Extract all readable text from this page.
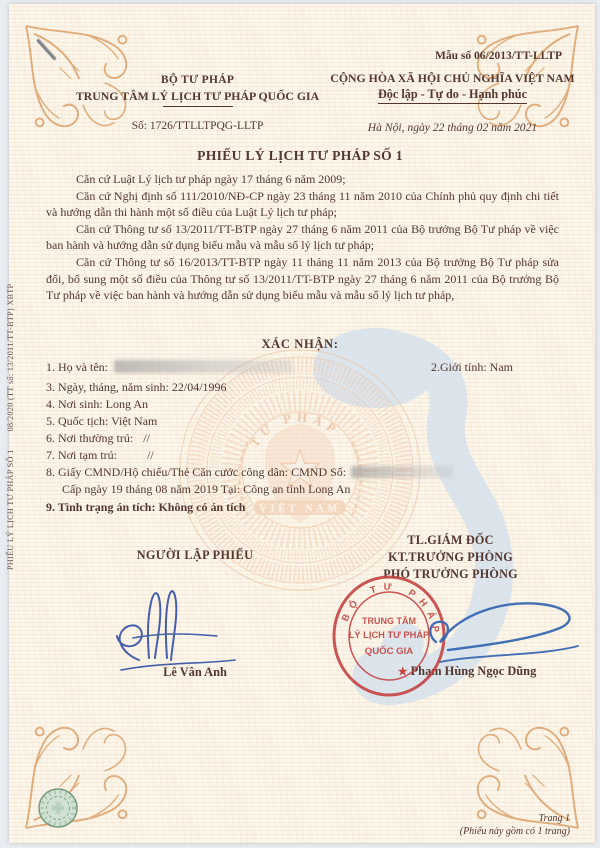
TƯ PHÁP
VIỆT NAM
PHIẾU LÝ LỊCH TƯ PHÁP SỐ 108/2020 (TT số: 13/2011/TT-BTP) XBTP
Mẫu số 06/2013/TT-LLTP
BỘ TƯ PHÁP
TRUNG TÂM LÝ LỊCH TƯ PHÁP QUỐC GIA
Số: 1726/TTLLTPQG-LLTP
CỘNG HÒA XÃ HỘI CHỦ NGHĨA VIỆT NAM
Độc lập - Tự do - Hạnh phúc
Hà Nội, ngày 22 tháng 02 năm 2021
PHIẾU LÝ LỊCH TƯ PHÁP SỐ 1

Căn cứ Luật Lý lịch tư pháp ngày 17 tháng 6 năm 2009;

Căn cứ Nghị định số 111/2010/NĐ-CP ngày 23 tháng 11 năm 2010 của Chính phủ quy định chi tiết và hướng dẫn thi hành một số điều của Luật Lý lịch tư pháp;

Căn cứ Thông tư số 13/2011/TT-BTP ngày 27 tháng 6 năm 2011 của Bộ trưởng Bộ Tư pháp về việc ban hành và hướng dẫn sử dụng biểu mẫu và mẫu sổ lý lịch tư pháp;

Căn cứ Thông tư số 16/2013/TT-BTP ngày 11 tháng 11 năm 2013 của Bộ trưởng Bộ Tư pháp sửa đổi, bổ sung một số điều của Thông tư số 13/2011/TT-BTP ngày 27 tháng 6 năm 2011 của Bộ trưởng Bộ Tư pháp về việc ban hành và hướng dẫn sử dụng biểu mẫu và mẫu sổ lý lịch tư pháp,

XÁC NHẬN:
1. Họ và tên:	2.Giới tính: Nam
3. Ngày, tháng, năm sinh: 22/04/1996
4. Nơi sinh: Long An
5. Quốc tịch: Việt Nam
6. Nơi thường trú: //
7. Nơi tạm trú:	//
8. Giấy CMND/Hộ chiếu/Thẻ Căn cước công dân: CMND Số:
Cấp ngày 19 tháng 08 năm 2019 Tại: Công an tỉnh Long An
9. Tình trạng án tích: Không có án tích
NGƯỜI LẬP PHIẾU
TL.GIÁM ĐỐC
KT.TRƯỞNG PHÒNG
PHÓ TRƯỞNG PHÒNG
Lê Vân Anh	★ Phạm Hùng Ngọc Dũng
Trang 1
(Phiếu này gồm có 1 trang)
BỘ TƯ PHÁP
TRUNG TÂM
LÝ LỊCH TƯ PHÁP
QUỐC GIA
